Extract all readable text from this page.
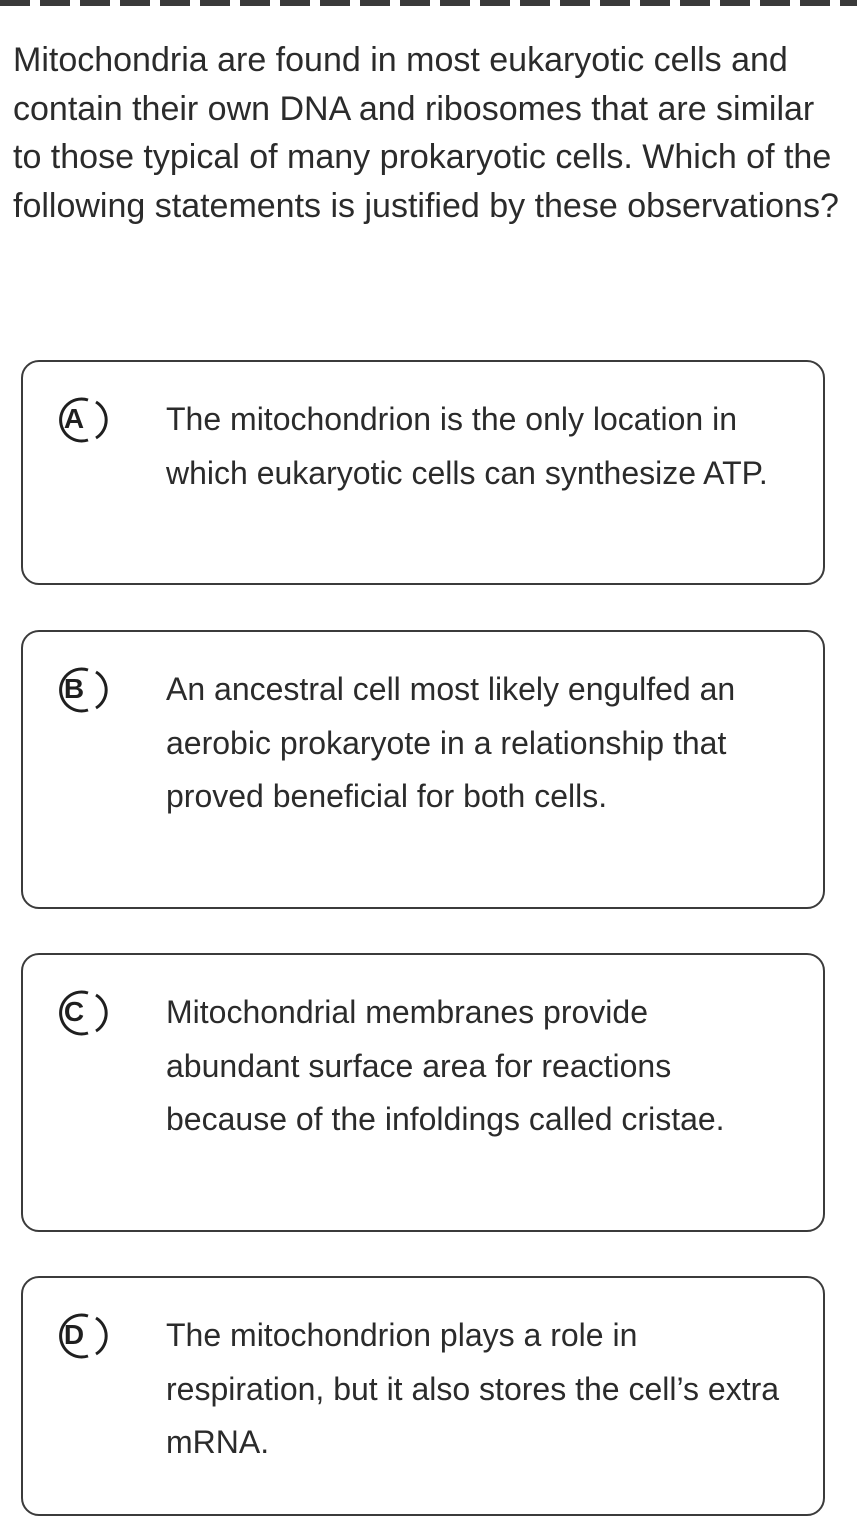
Mitochondria are found in most eukaryotic cells and contain their own DNA and ribosomes that are similar to those typical of many prokaryotic cells. Which of the following statements is justified by these observations?

A	The mitochondrion is the only location in which eukaryotic cells can synthesize ATP.
B	An ancestral cell most likely engulfed an aerobic prokaryote in a relationship that proved beneficial for both cells.
C	Mitochondrial membranes provide abundant surface area for reactions because of the infoldings called cristae.
D	The mitochondrion plays a role in respiration, but it also stores the cell’s extra mRNA.
